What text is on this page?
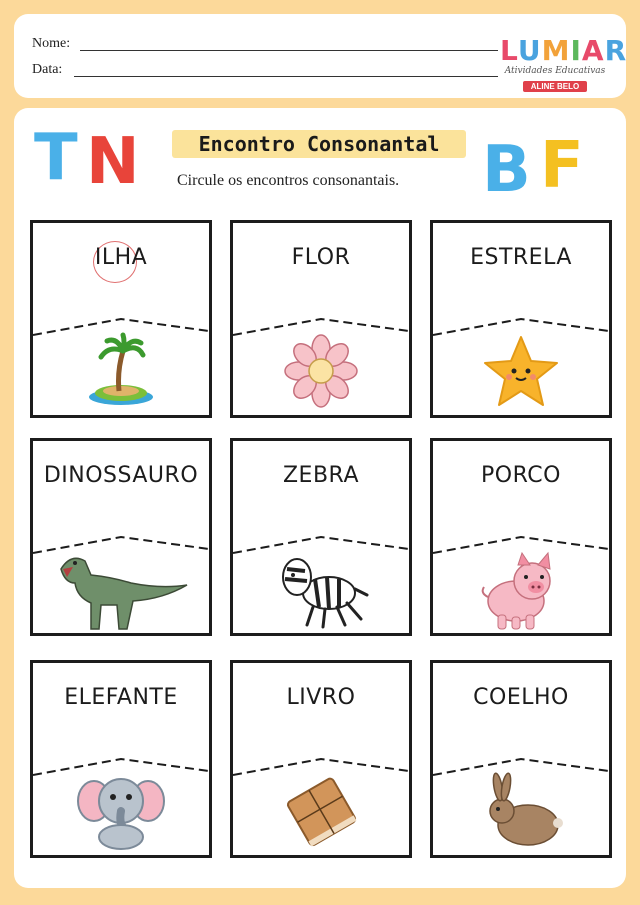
Nome:
Data:
LUMIAR
Atividades Educativas
ALINE BELO
T N	B F
Encontro Consonantal
Circule os encontros consonantais.
ILHA	FLOR	ESTRELA
DINOSSAURO	ZEBRA	PORCO
ELEFANTE	LIVRO	COELHO
